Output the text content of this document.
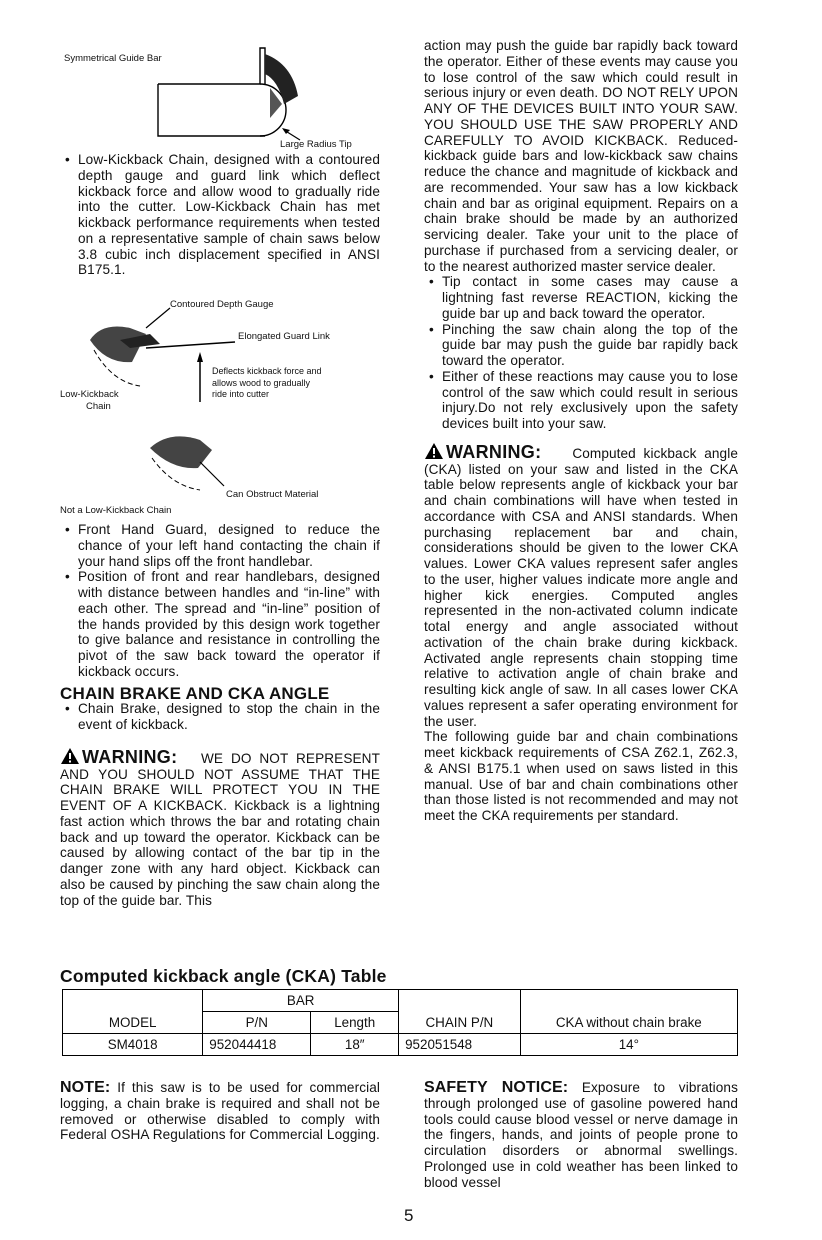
Symmetrical Guide Bar
Large Radius Tip
• Low-Kickback Chain, designed with a contoured depth gauge and guard link which deflect kickback force and allow wood to gradually ride into the cutter. Low-Kickback Chain has met kickback performance requirements when tested on a representative sample of chain saws below 3.8 cubic inch displacement specified in ANSI B175.1.
Contoured Depth Gauge
Elongated Guard Link
Deflects kickback force and allows wood to gradually ride into cutter
Low-Kickback
Chain
Can Obstruct Material
Not a Low-Kickback Chain
• Front Hand Guard, designed to reduce the chance of your left hand contacting the chain if your hand slips off the front handlebar.
• Position of front and rear handlebars, designed with distance between handles and “in-line” with each other. The spread and “in-line” position of the hands provided by this design work together to give balance and resistance in controlling the pivot of the saw back toward the operator if kickback occurs.
CHAIN BRAKE AND CKA ANGLE
• Chain Brake, designed to stop the chain in the event of kickback.

WARNING: WE DO NOT REPRESENT AND YOU SHOULD NOT ASSUME THAT THE CHAIN BRAKE WILL PROTECT YOU IN THE EVENT OF A KICKBACK. Kickback is a lightning fast action which throws the bar and rotating chain back and up toward the operator. Kickback can be caused by allowing contact of the bar tip in the danger zone with any hard object. Kickback can also be caused by pinching the saw chain along the top of the guide bar. This

action may push the guide bar rapidly back toward the operator. Either of these events may cause you to lose control of the saw which could result in serious injury or even death. DO NOT RELY UPON ANY OF THE DEVICES BUILT INTO YOUR SAW. YOU SHOULD USE THE SAW PROPERLY AND CAREFULLY TO AVOID KICKBACK. Reduced-kickback guide bars and low-kickback saw chains reduce the chance and magnitude of kickback and are recommended. Your saw has a low kickback chain and bar as original equipment. Repairs on a chain brake should be made by an authorized servicing dealer. Take your unit to the place of purchase if purchased from a servicing dealer, or to the nearest authorized master service dealer.

• Tip contact in some cases may cause a lightning fast reverse REACTION, kicking the guide bar up and back toward the operator.
• Pinching the saw chain along the top of the guide bar may push the guide bar rapidly back toward the operator.
• Either of these reactions may cause you to lose control of the saw which could result in serious injury.Do not rely exclusively upon the safety devices built into your saw.

WARNING: Computed kickback angle (CKA) listed on your saw and listed in the CKA table below represents angle of kickback your bar and chain combinations will have when tested in accordance with CSA and ANSI standards. When purchasing replacement bar and chain, considerations should be given to the lower CKA values. Lower CKA values represent safer angles to the user, higher values indicate more angle and higher kick energies. Computed angles represented in the non-activated column indicate total energy and angle associated without activation of the chain brake during kickback. Activated angle represents chain stopping time relative to activation angle of chain brake and resulting kick angle of saw. In all cases lower CKA values represent a safer operating environment for the user.

The following guide bar and chain combinations meet kickback requirements of CSA Z62.1, Z62.3, & ANSI B175.1 when used on saws listed in this manual. Use of bar and chain combinations other than those listed is not recommended and may not meet the CKA requirements per standard.

Computed kickback angle (CKA) Table
	BAR			
MODEL	P/N	Length	CHAIN P/N	CKA without chain brake
SM4018	952044418	18″	952051548	14°

NOTE: If this saw is to be used for commercial logging, a chain brake is required and shall not be removed or otherwise disabled to comply with Federal OSHA Regulations for Commercial Logging.

SAFETY NOTICE: Exposure to vibrations through prolonged use of gasoline powered hand tools could cause blood vessel or nerve damage in the fingers, hands, and joints of people prone to circulation disorders or abnormal swellings. Prolonged use in cold weather has been linked to blood vessel

5
